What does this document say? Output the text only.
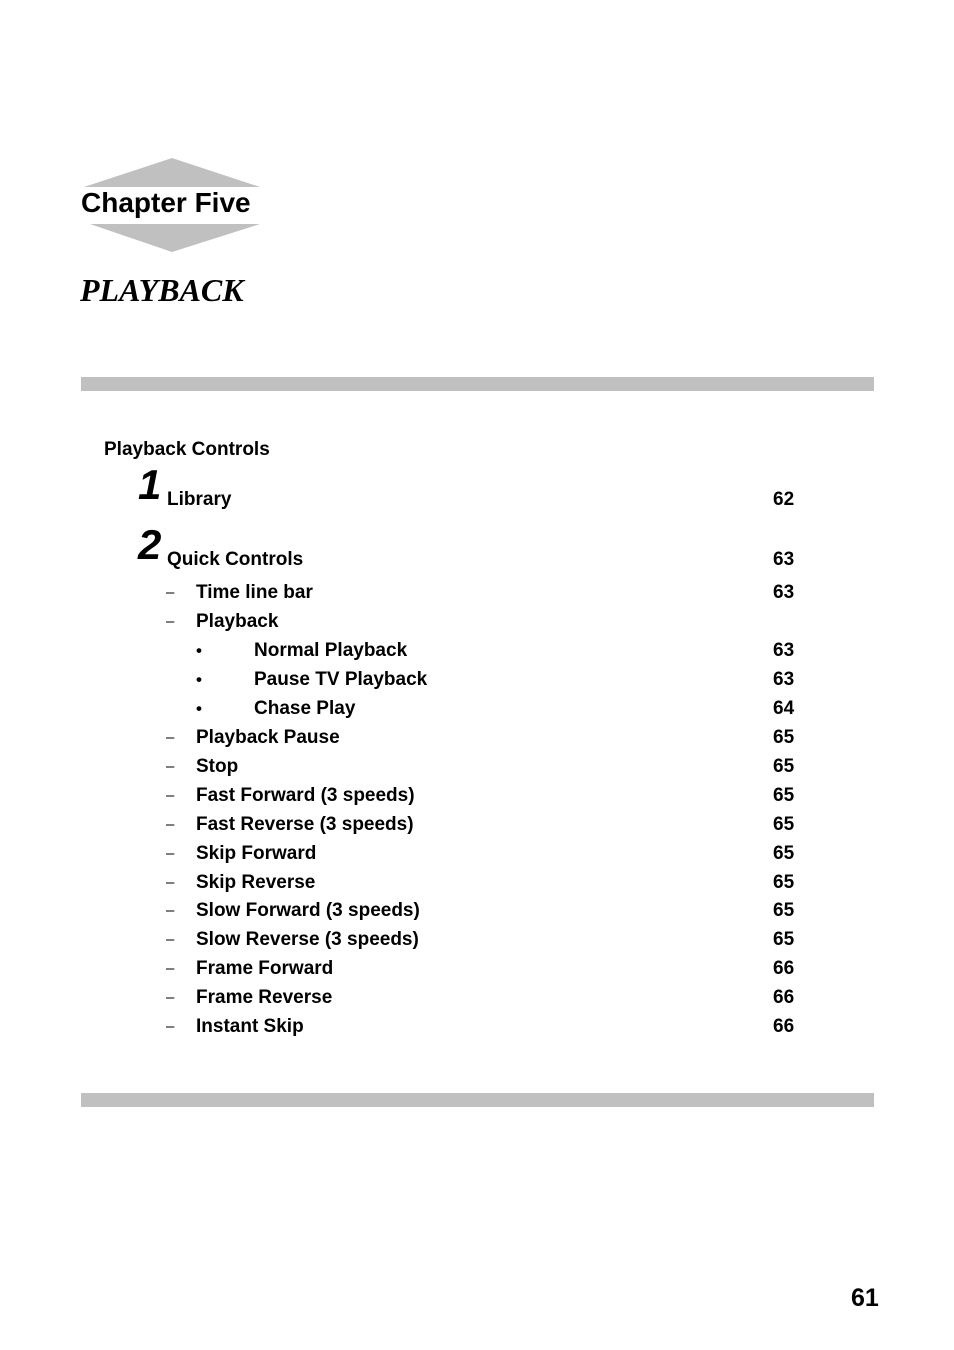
Chapter Five
PLAYBACK
Playback Controls
1 Library	62
2 Quick Controls	63
– Time line bar	63
– Playback
•	Normal Playback	63
•	Pause TV Playback	63
•	Chase Play	64
– Playback Pause	65
– Stop	65
– Fast Forward (3 speeds)	65
– Fast Reverse (3 speeds)	65
– Skip Forward	65
– Skip Reverse	65
– Slow Forward (3 speeds)	65
– Slow Reverse (3 speeds)	65
– Frame Forward	66
– Frame Reverse	66
– Instant Skip	66
61
